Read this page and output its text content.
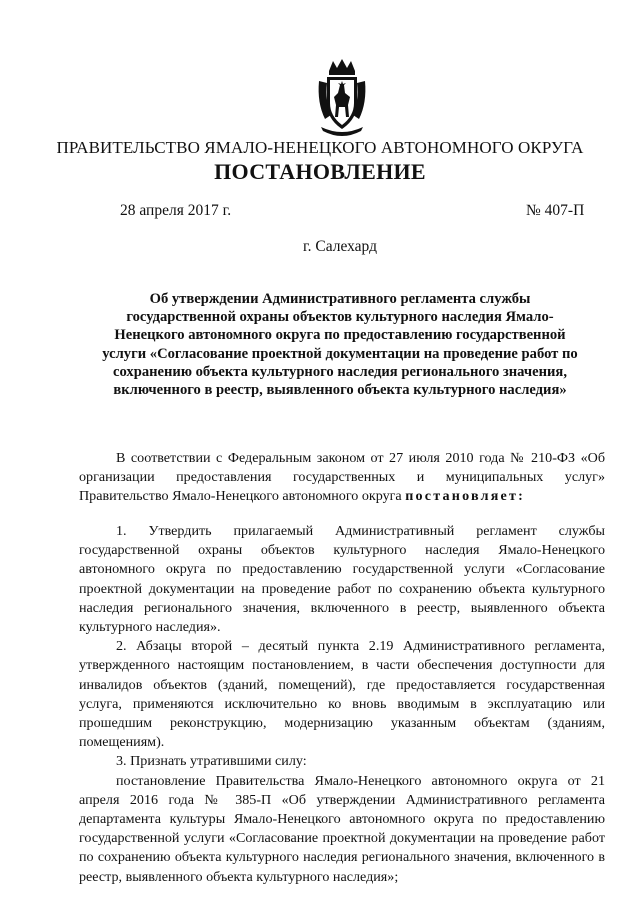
ПРАВИТЕЛЬСТВО ЯМАЛО-НЕНЕЦКОГО АВТОНОМНОГО ОКРУГА
ПОСТАНОВЛЕНИЕ
28 апреля 2017 г.	№ 407-П
г. Салехард
Об утверждении Административного регламента службы государственной охраны объектов культурного наследия Ямало-Ненецкого автономного округа по предоставлению государственной услуги «Согласование проектной документации на проведение работ по сохранению объекта культурного наследия регионального значения, включенного в реестр, выявленного объекта культурного наследия»

В соответствии с Федеральным законом от 27 июля 2010 года № 210-ФЗ «Об организации предоставления государственных и муниципальных услуг» Правительство Ямало-Ненецкого автономного округа постановляет:

1. Утвердить прилагаемый Административный регламент службы государственной охраны объектов культурного наследия Ямало-Ненецкого автономного округа по предоставлению государственной услуги «Согласование проектной документации на проведение работ по сохранению объекта культурного наследия регионального значения, включенного в реестр, выявленного объекта культурного наследия».

2. Абзацы второй – десятый пункта 2.19 Административного регламента, утвержденного настоящим постановлением, в части обеспечения доступности для инвалидов объектов (зданий, помещений), где предоставляется государственная услуга, применяются исключительно ко вновь вводимым в эксплуатацию или прошедшим реконструкцию, модернизацию указанным объектам (зданиям, помещениям).

3. Признать утратившими силу:

постановление Правительства Ямало-Ненецкого автономного округа от 21 апреля 2016 года № 385-П «Об утверждении Административного регламента департамента культуры Ямало-Ненецкого автономного округа по предоставлению государственной услуги «Согласование проектной документации на проведение работ по сохранению объекта культурного наследия регионального значения, включенного в реестр, выявленного объекта культурного наследия»;
